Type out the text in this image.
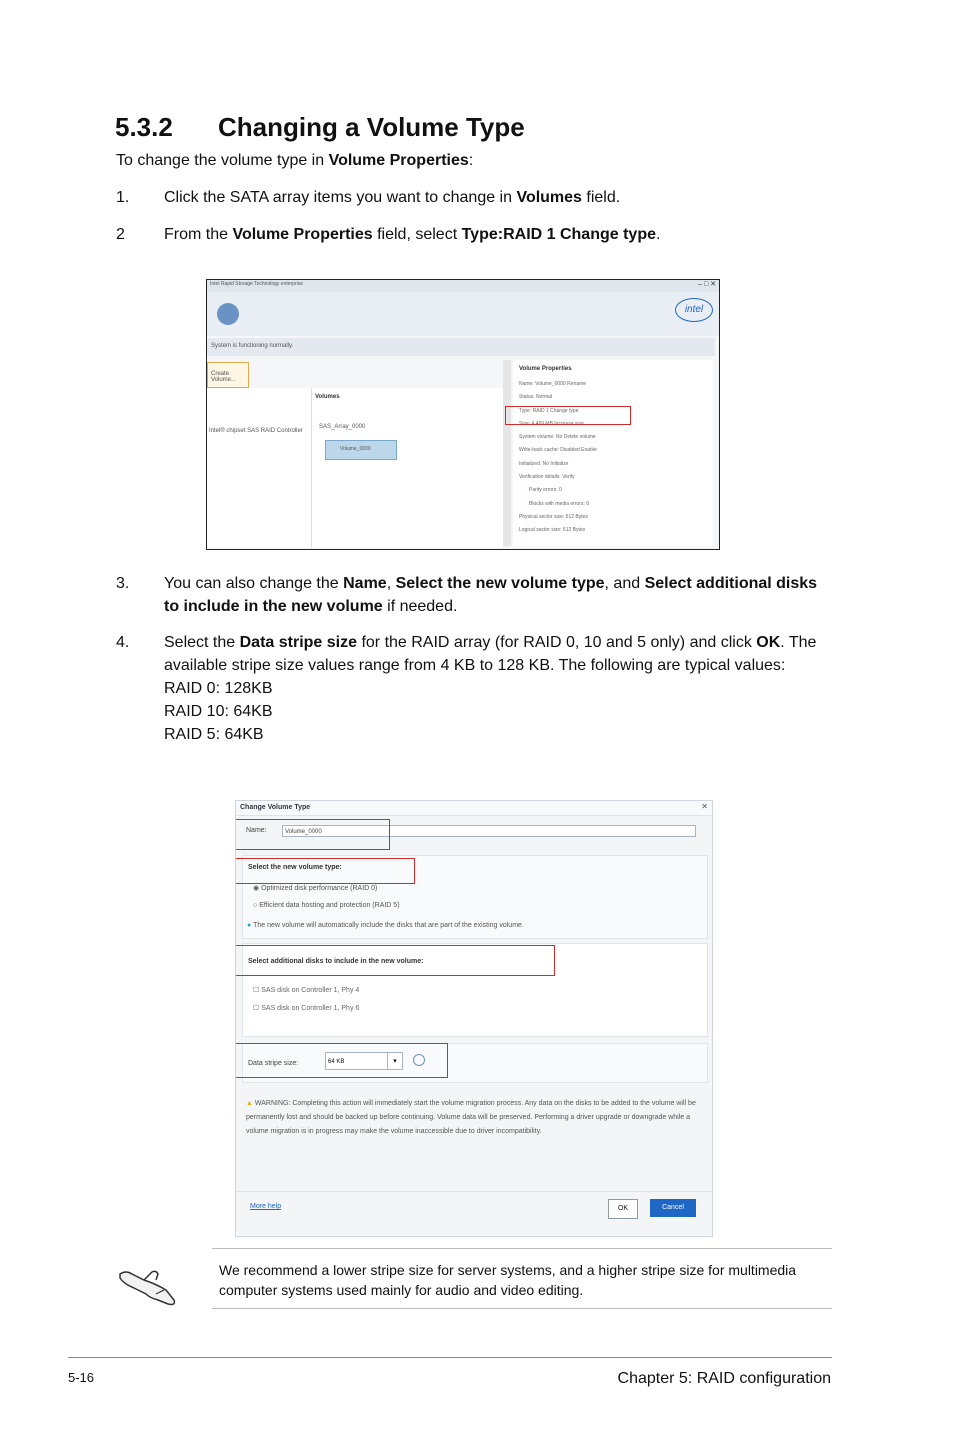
5.3.2 Changing a Volume Type
To change the volume type in Volume Properties:
1.	Click the SATA array items you want to change in Volumes field.
2	From the Volume Properties field, select Type:RAID 1 Change type.
Intel Rapid Storage Technology enterprise	– □ ✕
intel
System is functioning normally.
Create Volume...
Intel® chipset SAS RAID Controller
Volumes
SAS_Array_0000
Volume_0000
Volume Properties
Name: Volume_0000 Rename
Status: Normal
Type: RAID 1 Change type
Size: 4,469 MB Increase size
System volume: No Delete volume
Write-back cache: Disabled Enable
Initialized: No Initialize
Verification details: Verify
Parity errors: 0
Blocks with media errors: 0
Physical sector size: 512 Bytes
Logical sector size: 512 Bytes
3. You can also change the Name, Select the new volume type, and Select additional disks to include in the new volume if needed.
4. Select the Data stripe size for the RAID array (for RAID 0, 10 and 5 only) and click OK. The available stripe size values range from 4 KB to 128 KB. The following are typical values:
RAID 0: 128KB
RAID 10: 64KB
RAID 5: 64KB
Change Volume Type	✕
Name:	Volume_0000
Select the new volume type:
◉ Optimized disk performance (RAID 0)
○ Efficient data hosting and protection (RAID 5)
● The new volume will automatically include the disks that are part of the existing volume.
Select additional disks to include in the new volume:
☐ SAS disk on Controller 1, Phy 4
☐ SAS disk on Controller 1, Phy 6
Data stripe size:	64 KB	▾
▲ WARNING: Completing this action will immediately start the volume migration process. Any data on the disks to be added to the volume will be permanently lost and should be backed up before continuing. Volume data will be preserved. Performing a driver upgrade or downgrade while a volume migration is in progress may make the volume inaccessible due to driver incompatibility.
More help	OK	Cancel
We recommend a lower stripe size for server systems, and a higher stripe size for multimedia computer systems used mainly for audio and video editing.
5-16	Chapter 5: RAID configuration
